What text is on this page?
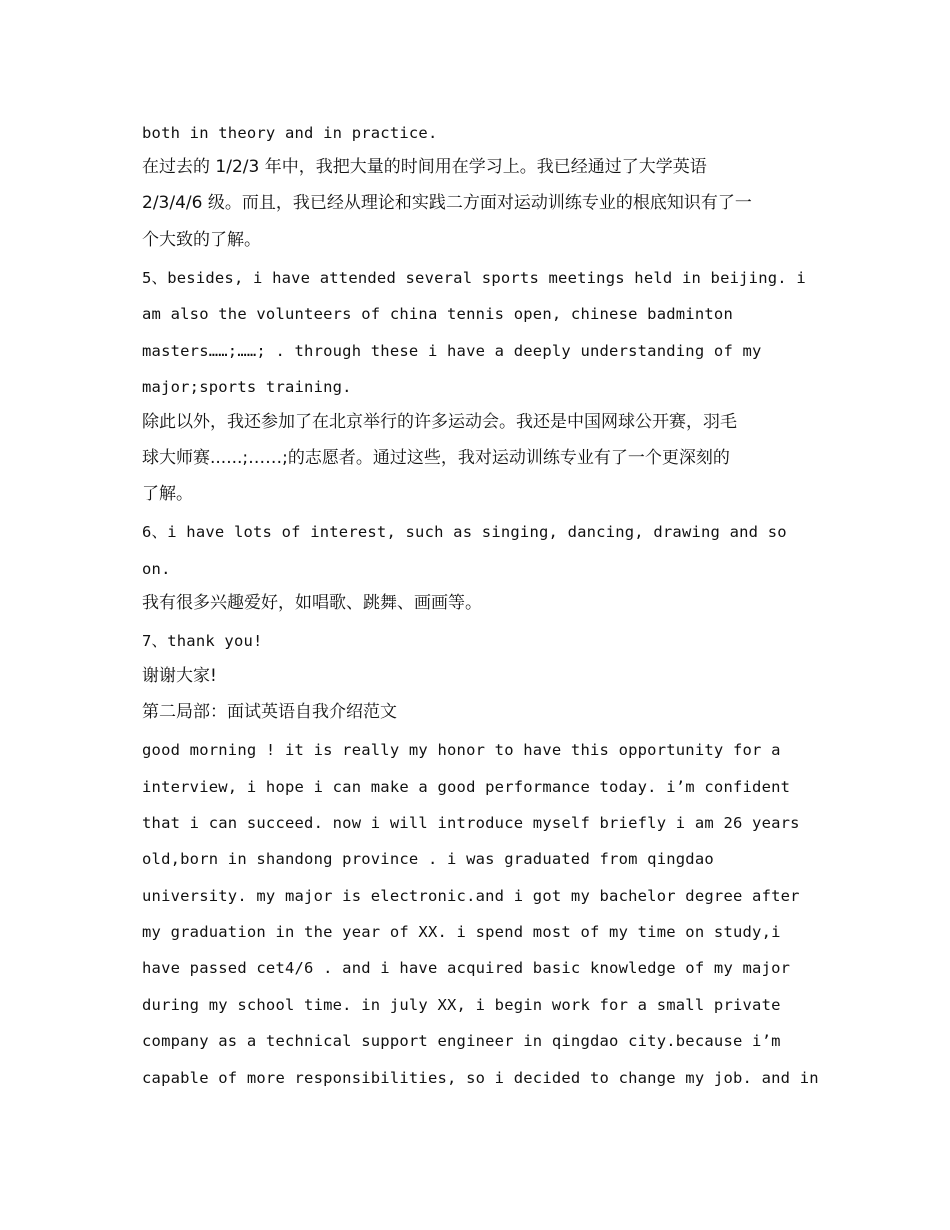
both in theory and in practice.
在过去的 1/2/3 年中，我把大量的时间用在学习上。我已经通过了大学英语
2/3/4/6 级。而且，我已经从理论和实践二方面对运动训练专业的根底知识有了一
个大致的了解。
5、besides, i have attended several sports meetings held in beijing. i
am also the volunteers of china tennis open, chinese badminton
masters……;……; . through these i have a deeply understanding of my
major;sports training.
除此以外，我还参加了在北京举行的许多运动会。我还是中国网球公开赛，羽毛
球大师赛......;……;的志愿者。通过这些，我对运动训练专业有了一个更深刻的
了解。
6、i have lots of interest, such as singing, dancing, drawing and so
on.
我有很多兴趣爱好，如唱歌、跳舞、画画等。
7、thank you!
谢谢大家!
第二局部：面试英语自我介绍范文
good morning ! it is really my honor to have this opportunity for a
interview, i hope i can make a good performance today. i’m confident
that i can succeed. now i will introduce myself briefly i am 26 years
old,born in shandong province . i was graduated from qingdao
university. my major is electronic.and i got my bachelor degree after
my graduation in the year of XX. i spend most of my time on study,i
have passed cet4/6 . and i have acquired basic knowledge of my major
during my school time. in july XX, i begin work for a small private
company as a technical support engineer in qingdao city.because i’m
capable of more responsibilities, so i decided to change my job. and in
